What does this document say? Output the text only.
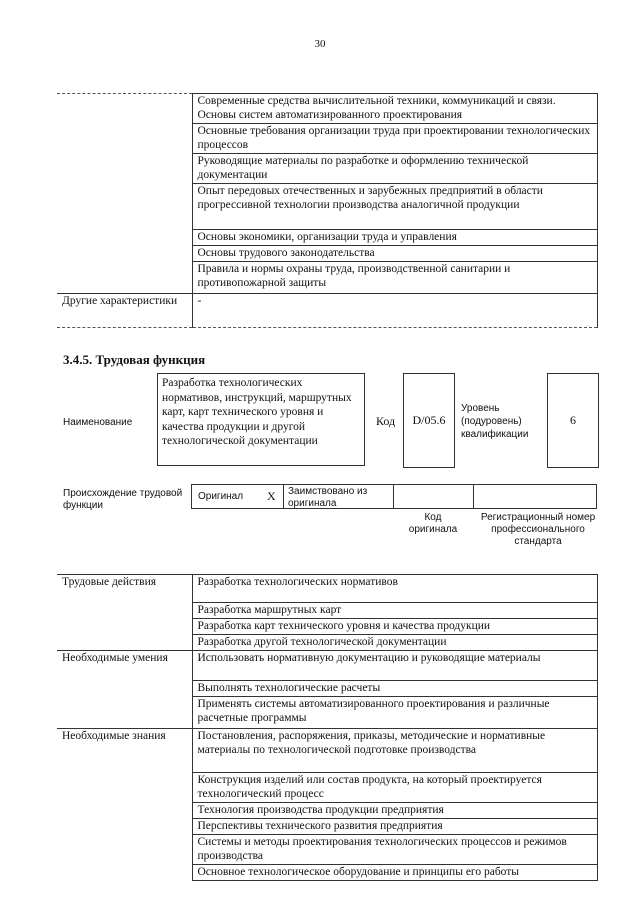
30
	Современные средства вычислительной техники, коммуникаций и связи. Основы систем автоматизированного проектирования
	Основные требования организации труда при проектировании технологических процессов
	Руководящие материалы по разработке и оформлению технической документации
	Опыт передовых отечественных и зарубежных предприятий в области прогрессивной технологии производства аналогичной продукции
	Основы экономики, организации труда и управления
	Основы трудового законодательства
	Правила и нормы охраны труда, производственной санитарии и противопожарной защиты
Другие характеристики	-
3.4.5. Трудовая функция
Наименование
Разработка технологических нормативов, инструкций, маршрутных карт, карт технического уровня и качества продукции и другой технологической документации
Код	D/05.6
Уровень (подуровень) квалификации
6
Происхождение трудовой функции
Оригинал X Заимствовано из оригинала
Код оригинала
Регистрационный номер профессионального стандарта
Трудовые действия	Разработка технологических нормативов
	Разработка маршрутных карт
	Разработка карт технического уровня и качества продукции
	Разработка другой технологической документации
Необходимые умения	Использовать нормативную документацию и руководящие материалы
	Выполнять технологические расчеты
	Применять системы автоматизированного проектирования и различные расчетные программы
Необходимые знания	Постановления, распоряжения, приказы, методические и нормативные материалы по технологической подготовке производства
	Конструкция изделий или состав продукта, на который проектируется технологический процесс
	Технология производства продукции предприятия
	Перспективы технического развития предприятия
	Системы и методы проектирования технологических процессов и режимов производства
	Основное технологическое оборудование и принципы его работы
